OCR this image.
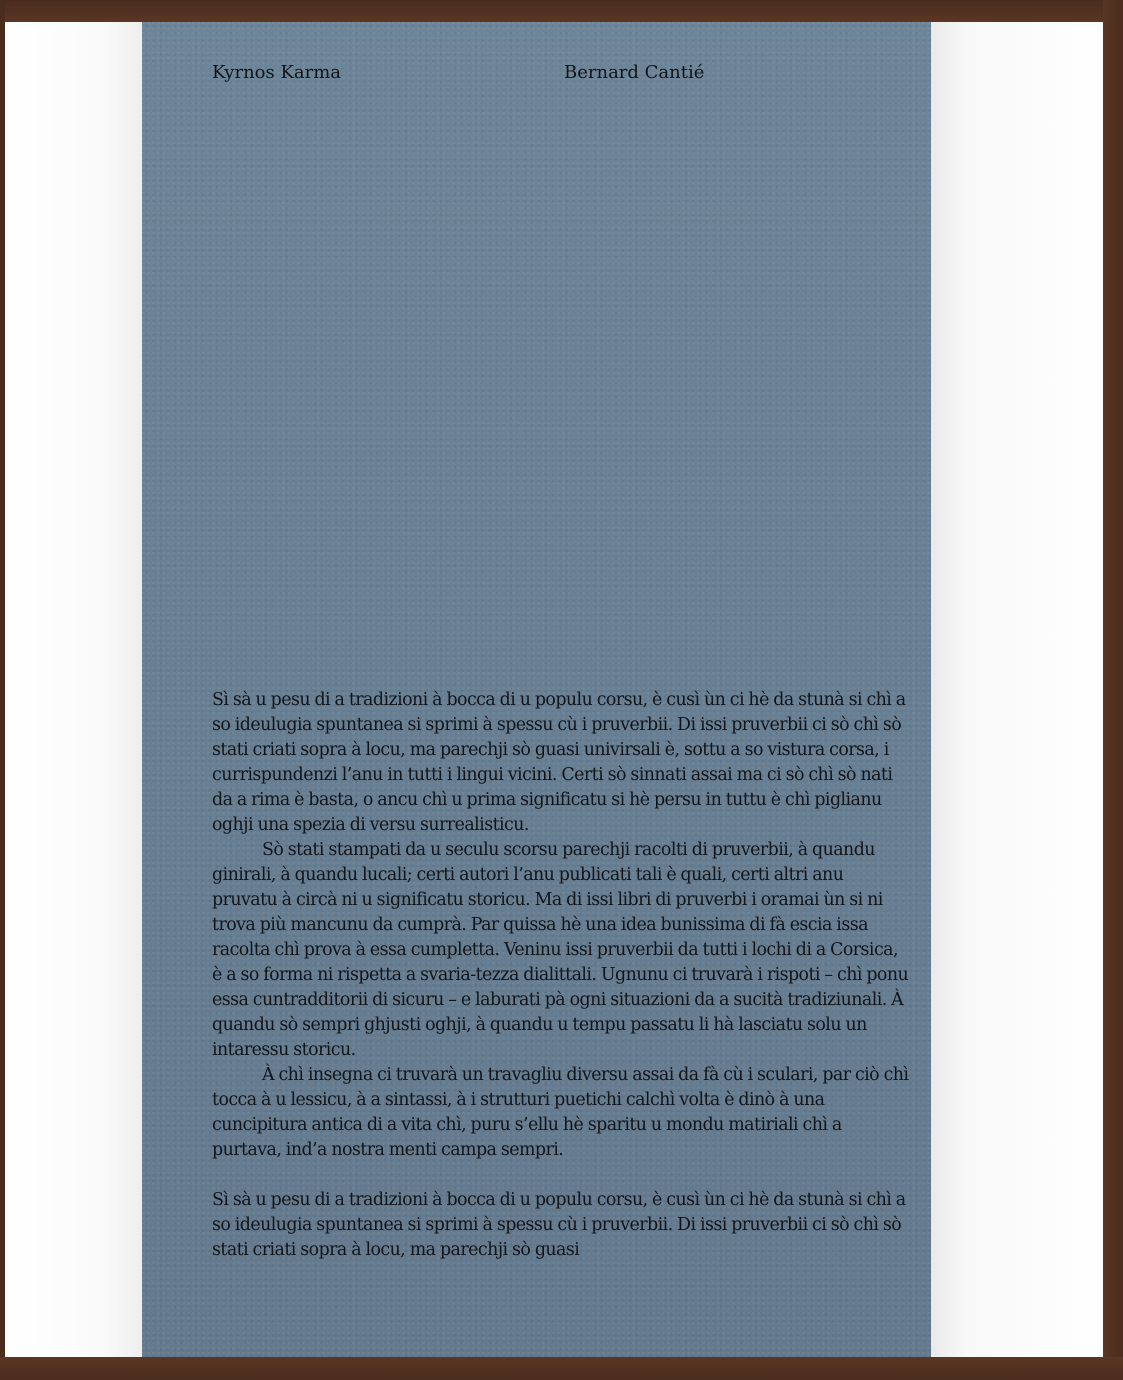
Kyrnos Karma	Bernard Cantié

Sì sà u pesu di a tradizioni à bocca di u populu corsu, è cusì ùn ci hè da stunà si chì a so ideulugia spuntanea si sprimi à spessu cù i pruverbii. Di issi pruverbii ci sò chì sò stati criati sopra à locu, ma parechji sò guasi univirsali è, sottu a so vistura corsa, i currispundenzi l’anu in tutti i lingui vicini. Certi sò sinnati assai ma ci sò chì sò nati da a rima è basta, o ancu chì u prima significatu si hè persu in tuttu è chì piglianu oghji una spezia di versu surrealisticu.

Sò stati stampati da u seculu scorsu parechji racolti di pruverbii, à quandu ginirali, à quandu lucali; certi autori l’anu publicati tali è quali, certi altri anu pruvatu à circà ni u significatu storicu. Ma di issi libri di pruverbi i oramai ùn si ni trova più mancunu da cumprà. Par quissa hè una idea bunissima di fà escia issa racolta chì prova à essa cumpletta. Veninu issi pruverbii da tutti i lochi di a Corsica, è a so forma ni rispetta a svaria-tezza dialittali. Ugnunu ci truvarà i rispoti – chì ponu essa cuntradditorii di sicuru – e laburati pà ogni situazioni da a sucità tradiziunali. À quandu sò sempri ghjusti oghji, à quandu u tempu passatu li hà lasciatu solu un intaressu storicu.

À chì insegna ci truvarà un travagliu diversu assai da fà cù i sculari, par ciò chì tocca à u lessicu, à a sintassi, à i strutturi puetichi calchì volta è dinò à una cuncipitura antica di a vita chì, puru s’ellu hè sparitu u mondu matiriali chì a purtava, ind’a nostra menti campa sempri.

Sì sà u pesu di a tradizioni à bocca di u populu corsu, è cusì ùn ci hè da stunà si chì a so ideulugia spuntanea si sprimi à spessu cù i pruverbii. Di issi pruverbii ci sò chì sò stati criati sopra à locu, ma parechji sò guasi
